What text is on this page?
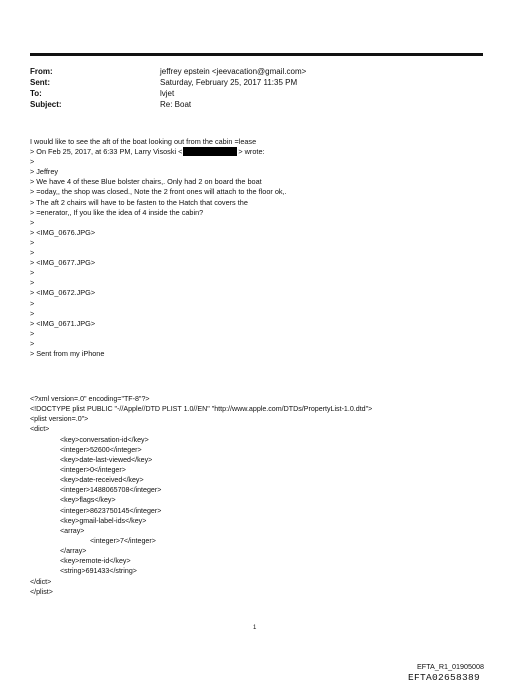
From:	jeffrey epstein <jeevacation@gmail.com>
Sent:	Saturday, February 25, 2017 11:35 PM
To:	lvjet
Subject:	Re: Boat
I would like to see the aft of the boat looking out from the cabin =lease
> On Feb 25, 2017, at 6:33 PM, Larry Visoski <	> wrote:
>
> Jeffrey
> We have 4 of these Blue bolster chairs,. Only had 2 on board the boat
> =oday,, the shop was closed., Note the 2 front ones will attach to the floor ok,.
> The aft 2 chairs will have to be fasten to the Hatch that covers the
> =enerator,, If you like the idea of 4 inside the cabin?
>
> <IMG_0676.JPG>
>
>
> <IMG_0677.JPG>
>
>
> <IMG_0672.JPG>
>
>
> <IMG_0671.JPG>
>
>
> Sent from my iPhone
<?xml version=.0" encoding="TF-8"?>
<!DOCTYPE plist PUBLIC "-//Apple//DTD PLIST 1.0//EN" "http://www.apple.com/DTDs/PropertyList-1.0.dtd">
<plist version=.0">
<dict>
<key>conversation-id</key>
<integer>52600</integer>
<key>date-last-viewed</key>
<integer>0</integer>
<key>date-received</key>
<integer>1488065708</integer>
<key>flags</key>
<integer>8623750145</integer>
<key>gmail-label-ids</key>
<array>
<integer>7</integer>
</array>
<key>remote-id</key>
<string>691433</string>
</dict>
</plist>
1
EFTA_R1_01905008
EFTA02658389
